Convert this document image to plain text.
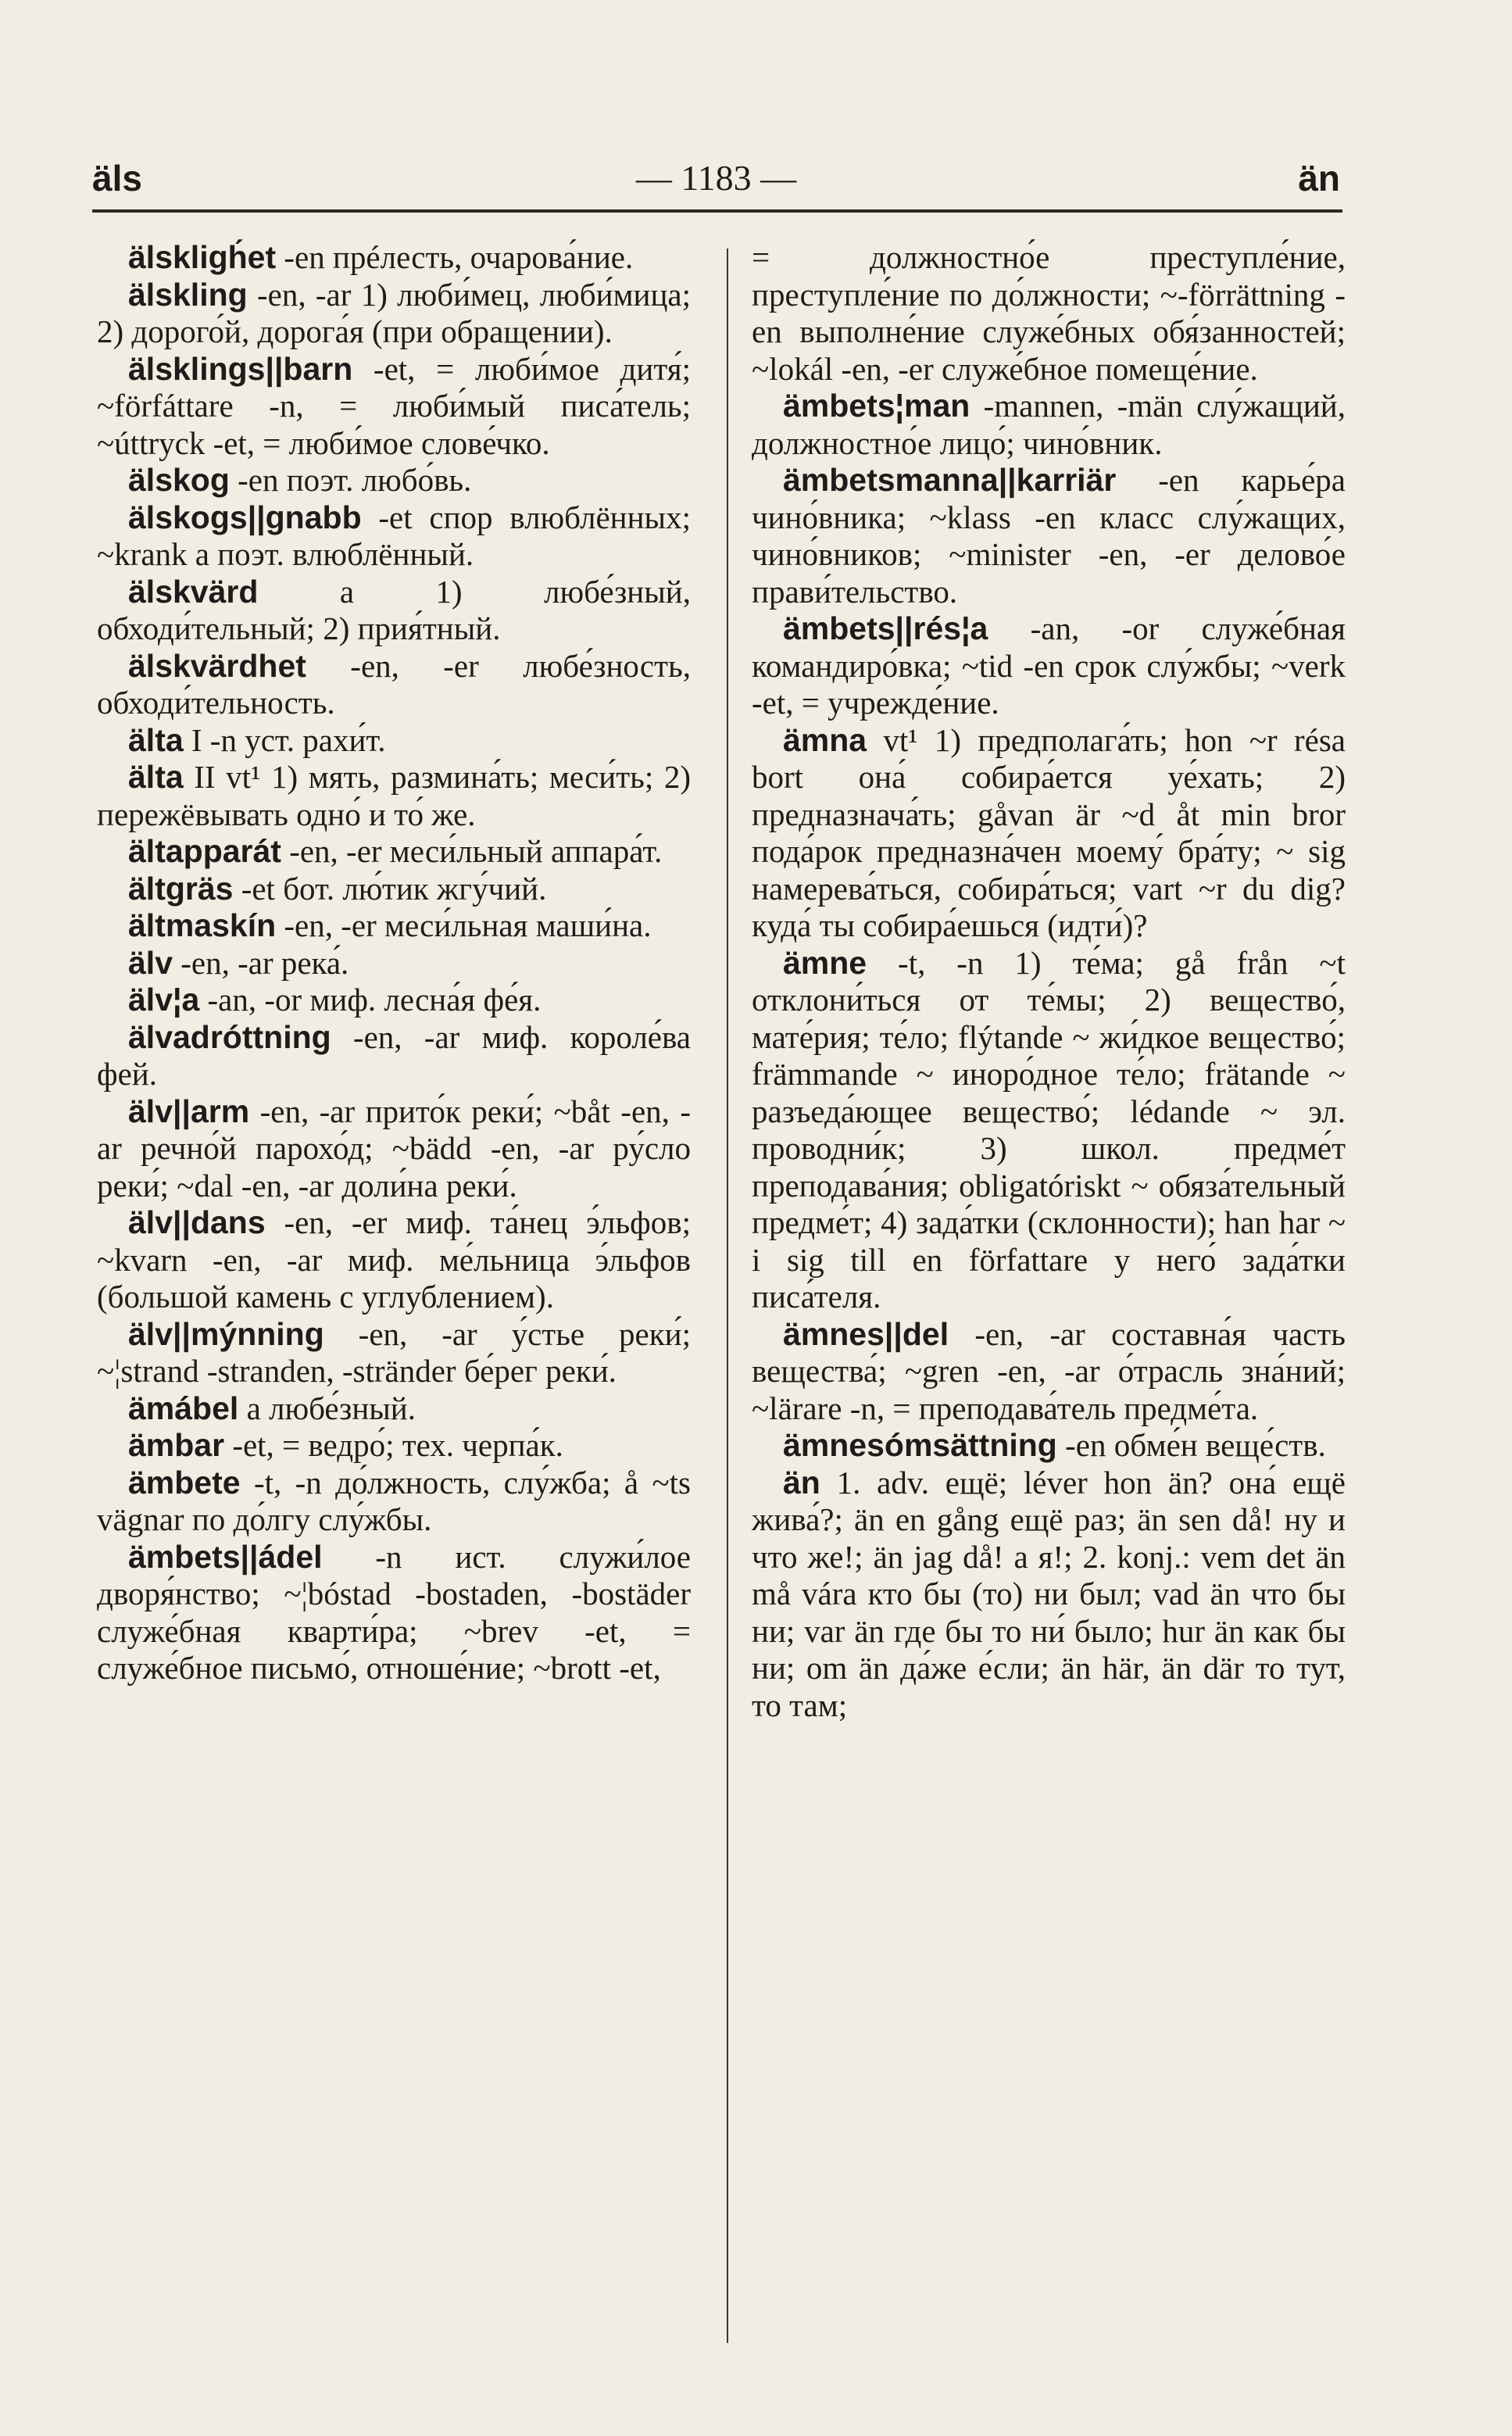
äls	— 1183 —	än

älskligh́et -en прéлесть, очарова́ние.

älskling -en, -ar 1) люби́мец, люби́мица; 2) дорого́й, дорога́я (при обращении).

älsklings||barn -et, = люби́мое дитя́; ~förfáttare -n, = люби́мый писа́тель; ~úttryck -et, = люби́мое слове́чко.

älskog -en поэт. любо́вь.

älskogs||gnabb -et спор влюблённых; ~krank a поэт. влюблённый.

älskvärd a 1) любе́зный, обходи́тельный; 2) прия́тный.

älskvärdhet -en, -er любе́зность, обходи́тельность.

älta I -n уст. рахи́т.

älta II vt¹ 1) мять, размина́ть; меси́ть; 2) пережёвывать одно́ и то́ же.

ältapparát -en, -er меси́льный аппара́т.

ältgräs -et бот. лю́тик жгу́чий.

ältmaskín -en, -er меси́льная маши́на.

älv -en, -ar река́.

älv¦a -an, -or миф. лесна́я фе́я.

älvadróttning -en, -ar миф. короле́ва фей.

älv||arm -en, -ar прито́к реки́; ~båt -en, -ar речно́й парохо́д; ~bädd -en, -ar ру́сло реки́; ~dal -en, -ar доли́на реки́.

älv||dans -en, -er миф. та́нец э́льфов; ~kvarn -en, -ar миф. ме́льница э́льфов (большой камень с углублением).

älv||mýnning -en, -ar у́стье реки́; ~¦strand -stranden, -stränder бе́рег реки́.

ämábel a любе́зный.

ämbar -et, = ведро́; тех. черпа́к.

ämbete -t, -n до́лжность, слу́жба; å ~ts vägnar по до́лгу слу́жбы.

ämbets||ádel -n ист. служи́лое дворя́нство; ~¦bóstad -bostaden, -bostäder служе́бная кварти́ра; ~brev -et, = служе́бное письмо́, отноше́ние; ~brott -et,

= должностно́е преступле́ние, преступле́ние по до́лжности; ~-förrättning -en выполне́ние служе́бных обя́занностей; ~lokál -en, -er служе́бное помеще́ние.

ämbets¦man -mannen, -män слу́жащий, должностно́е лицо́; чино́вник.

ämbetsmanna||karriär -en карье́ра чино́вника; ~klass -en класс слу́жащих, чино́вников; ~minister -en, -er делово́е прави́тельство.

ämbets||rés¦a -an, -or служе́бная командиро́вка; ~tid -en срок слу́жбы; ~verk -et, = учрежде́ние.

ämna vt¹ 1) предполага́ть; hon ~r résa bort она́ собира́ется уе́хать; 2) предназнача́ть; gåvan är ~d åt min bror пода́рок предназна́чен моему́ бра́ту; ~ sig намерева́ться, собира́ться; vart ~r du dig? куда́ ты собира́ешься (идти́)?

ämne -t, -n 1) те́ма; gå från ~t отклони́ться от те́мы; 2) вещество́, мате́рия; те́ло; flýtande ~ жи́дкое вещество́; främmande ~ иноро́дное те́ло; frätande ~ разъеда́ющее вещество́; lédande ~ эл. проводни́к; 3) школ. предме́т преподава́ния; obligatóriskt ~ обяза́тельный предме́т; 4) зада́тки (склонности); han har ~ i sig till en författare у него́ зада́тки писа́теля.

ämnes||del -en, -ar составна́я часть вещества́; ~gren -en, -ar о́трасль зна́ний; ~lärare -n, = преподава́тель предме́та.

ämnesómsättning -en обме́н веще́ств.

än 1. adv. ещё; léver hon än? она́ ещё жива́?; än en gång ещё раз; än sen då! ну и что же!; än jag då! а я!; 2. konj.: vem det än må vára кто бы (то) ни был; vad än что бы ни; var än где бы то ни́ было; hur än как бы ни; om än да́же е́сли; än här, än där то тут, то там;
